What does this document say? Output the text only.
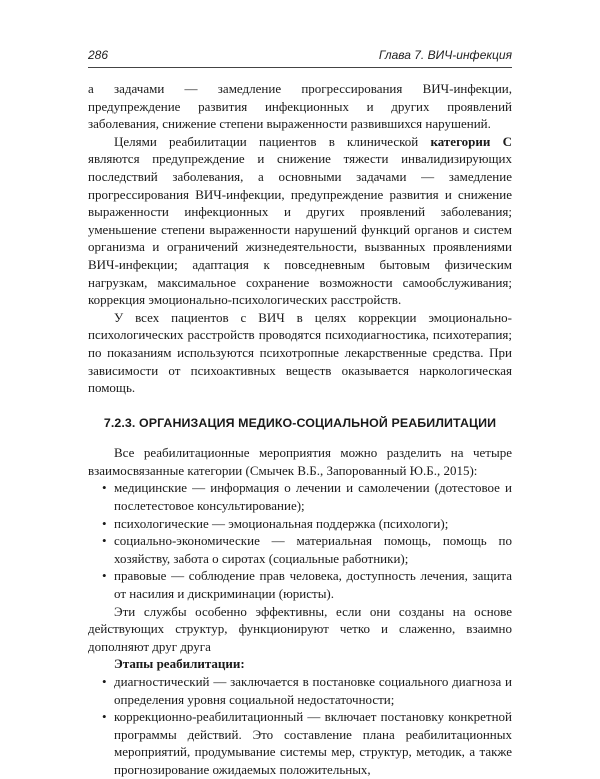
286	Глава 7. ВИЧ-инфекция

а задачами — замедление прогрессирования ВИЧ-инфекции, предупреждение развития инфекционных и других проявлений заболевания, снижение степени выраженности развившихся нарушений.

Целями реабилитации пациентов в клинической категории С являются предупреждение и снижение тяжести инвалидизирующих последствий заболевания, а основными задачами — замедление прогрессирования ВИЧ-инфекции, предупреждение развития и снижение выраженности инфекционных и других проявлений заболевания; уменьшение степени выраженности нарушений функций органов и систем организма и ограничений жизнедеятельности, вызванных проявлениями ВИЧ-инфекции; адаптация к повседневным бытовым физическим нагрузкам, максимальное сохранение возможности самообслуживания; коррекция эмоционально-психологических расстройств.

У всех пациентов с ВИЧ в целях коррекции эмоционально-психологических расстройств проводятся психодиагностика, психотерапия; по показаниям используются психотропные лекарственные средства. При зависимости от психоактивных веществ оказывается наркологическая помощь.

7.2.3. ОРГАНИЗАЦИЯ МЕДИКО-СОЦИАЛЬНОЙ РЕАБИЛИТАЦИИ

Все реабилитационные мероприятия можно разделить на четыре взаимосвязанные категории (Смычек В.Б., Запорованный Ю.Б., 2015):

• медицинские — информация о лечении и самолечении (дотестовое и послетестовое консультирование);
• психологические — эмоциональная поддержка (психологи);
• социально-экономические — материальная помощь, помощь по хозяйству, забота о сиротах (социальные работники);
• правовые — соблюдение прав человека, доступность лечения, защита от насилия и дискриминации (юристы).

Эти службы особенно эффективны, если они созданы на основе действующих структур, функционируют четко и слаженно, взаимно дополняют друг друга

Этапы реабилитации:

• диагностический — заключается в постановке социального диагноза и определения уровня социальной недостаточности;
• коррекционно-реабилитационный — включает постановку конкретной программы действий. Это составление плана реабилитационных мероприятий, продумывание системы мер, структур, методик, а также прогнозирование ожидаемых положительных,
